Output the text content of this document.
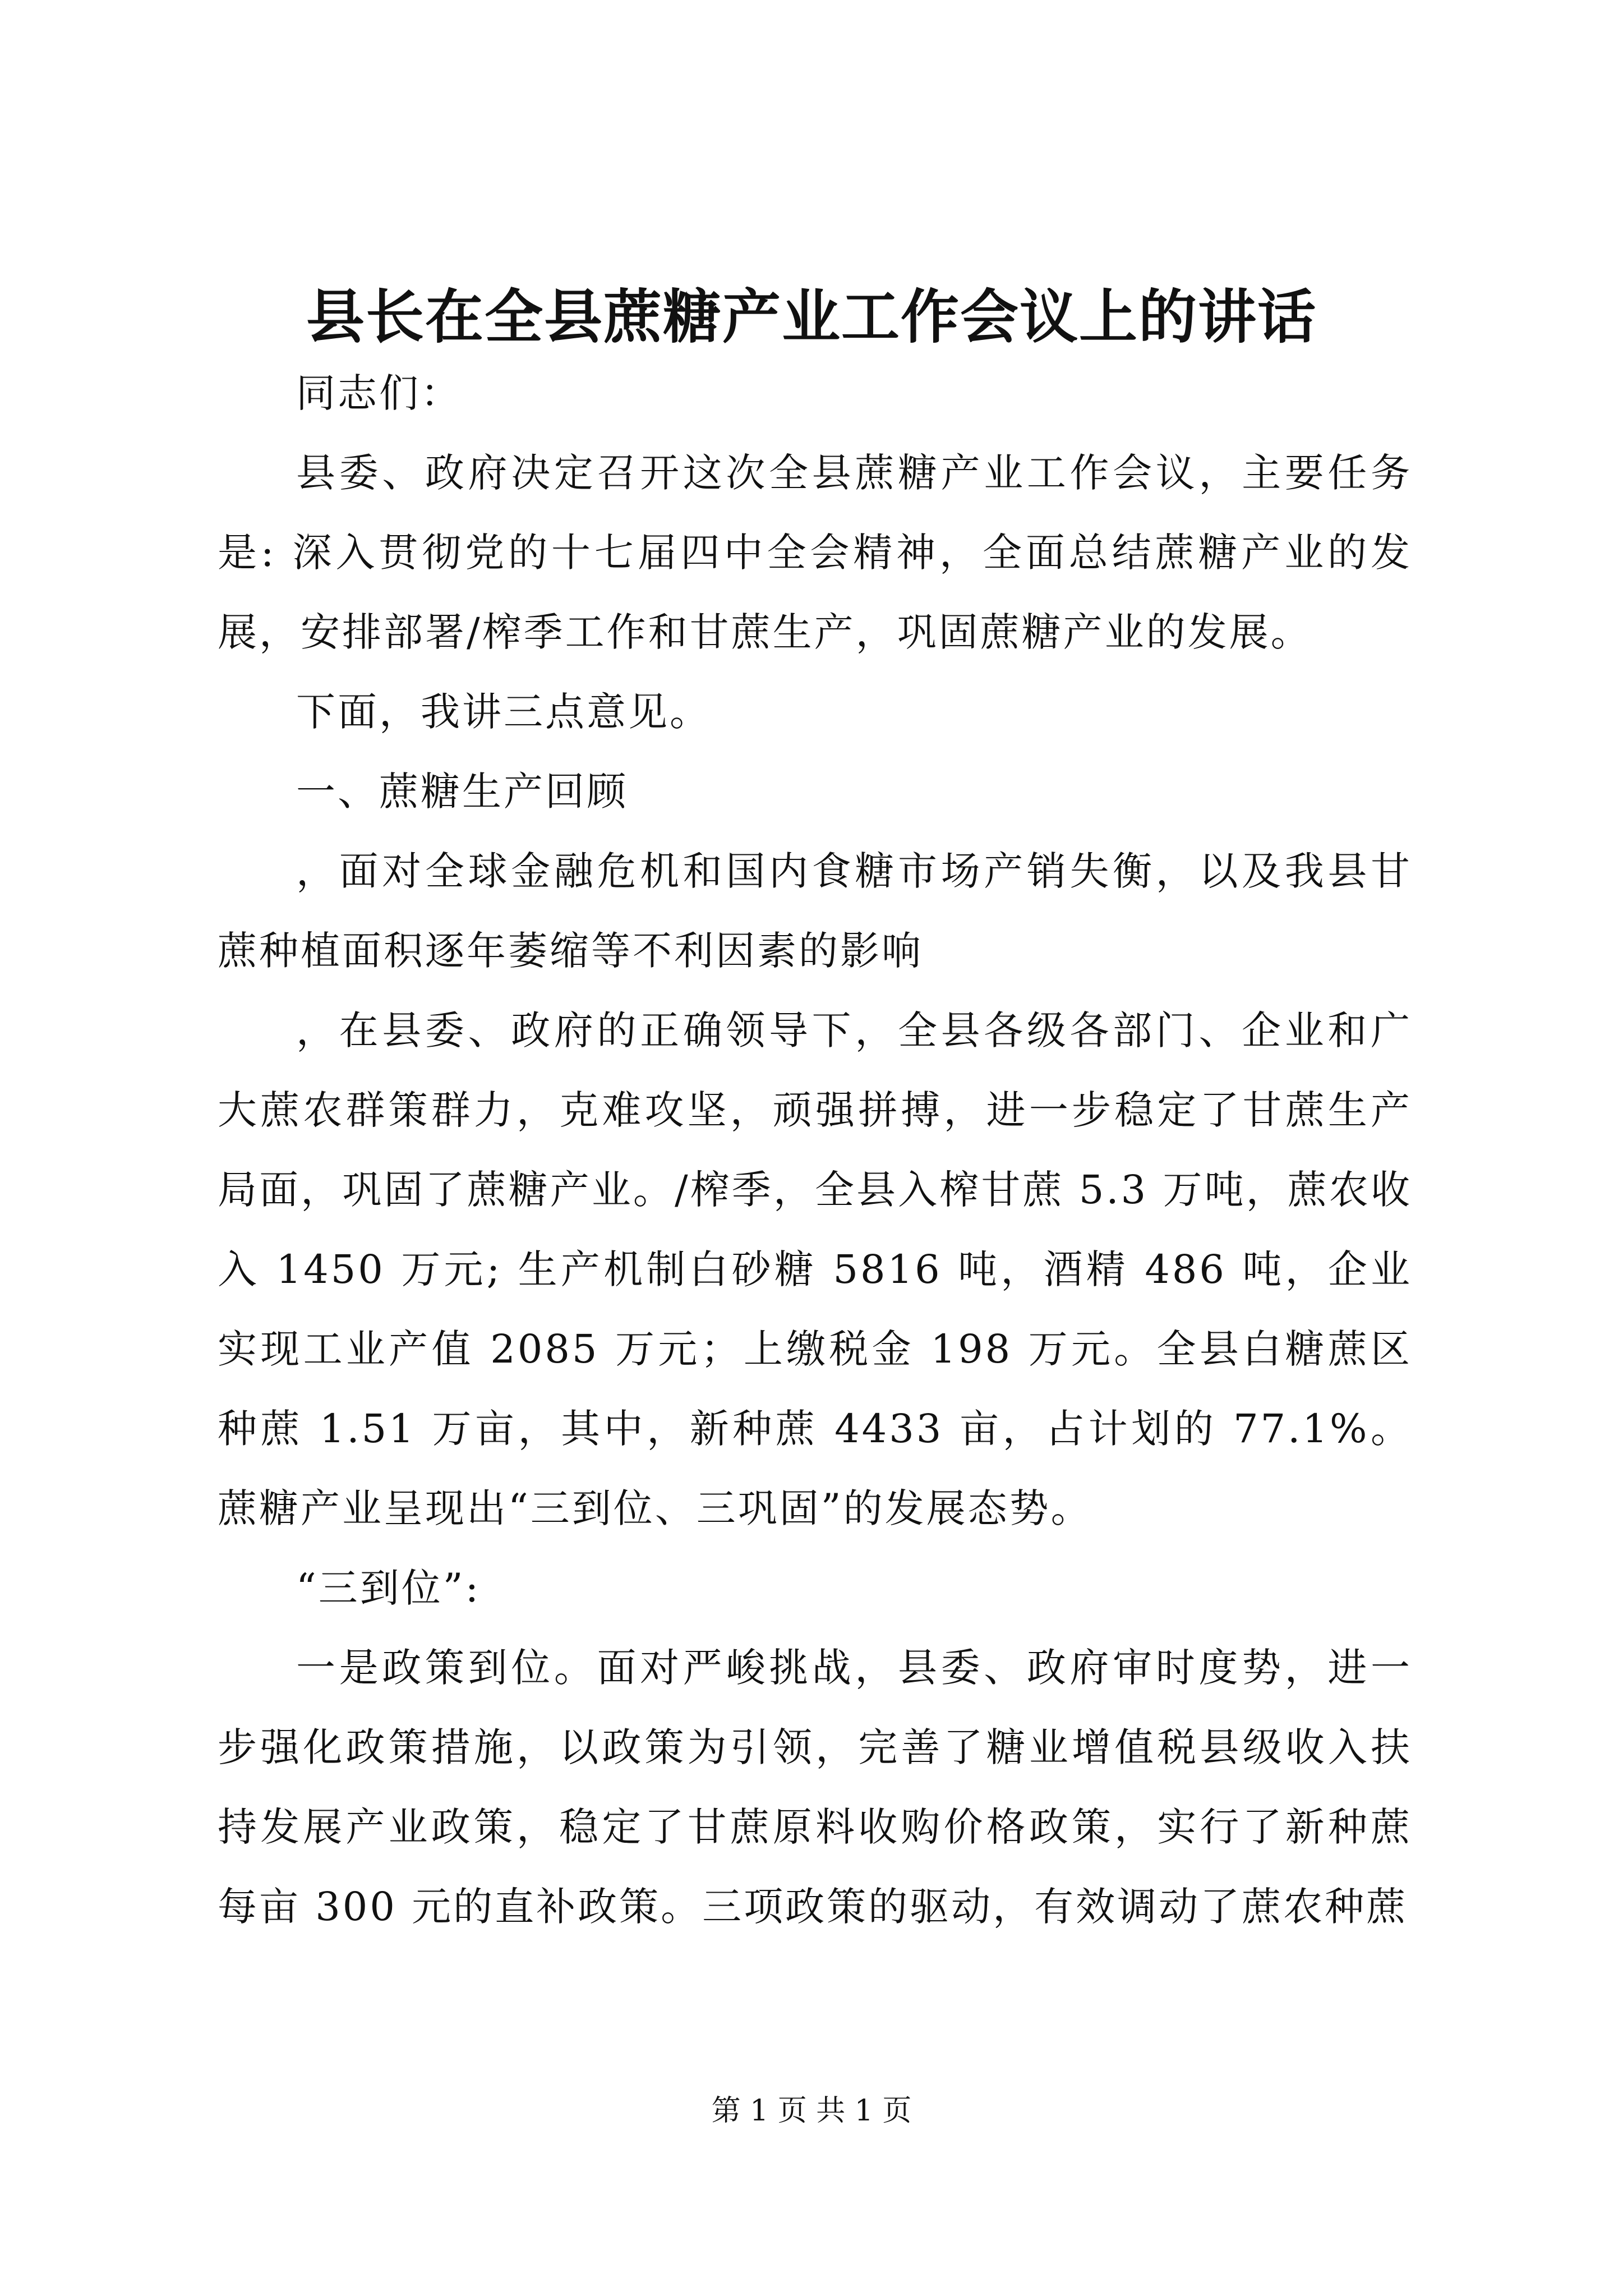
县长在全县蔗糖产业工作会议上的讲话

同志们：

县委、政府决定召开这次全县蔗糖产业工作会议，主要任务是: 深入贯彻党的十七届四中全会精神，全面总结蔗糖产业的发展，安排部署/榨季工作和甘蔗生产，巩固蔗糖产业的发展。

下面，我讲三点意见。

一、蔗糖生产回顾

，面对全球金融危机和国内食糖市场产销失衡，以及我县甘蔗种植面积逐年萎缩等不利因素的影响

，在县委、政府的正确领导下，全县各级各部门、企业和广大蔗农群策群力，克难攻坚，顽强拼搏，进一步稳定了甘蔗生产局面，巩固了蔗糖产业。/榨季，全县入榨甘蔗 5.3 万吨，蔗农收入 1450 万元; 生产机制白砂糖 5816 吨，酒精 486 吨，企业实现工业产值 2085 万元；上缴税金 198 万元。全县白糖蔗区种蔗 1.51 万亩，其中，新种蔗 4433 亩，占计划的 77.1%。蔗糖产业呈现出“三到位、三巩固”的发展态势。

“三到位”:

一是政策到位。面对严峻挑战，县委、政府审时度势，进一步强化政策措施，以政策为引领，完善了糖业增值税县级收入扶持发展产业政策，稳定了甘蔗原料收购价格政策，实行了新种蔗每亩 300 元的直补政策。三项政策的驱动，有效调动了蔗农种蔗

第 1 页 共 1 页
